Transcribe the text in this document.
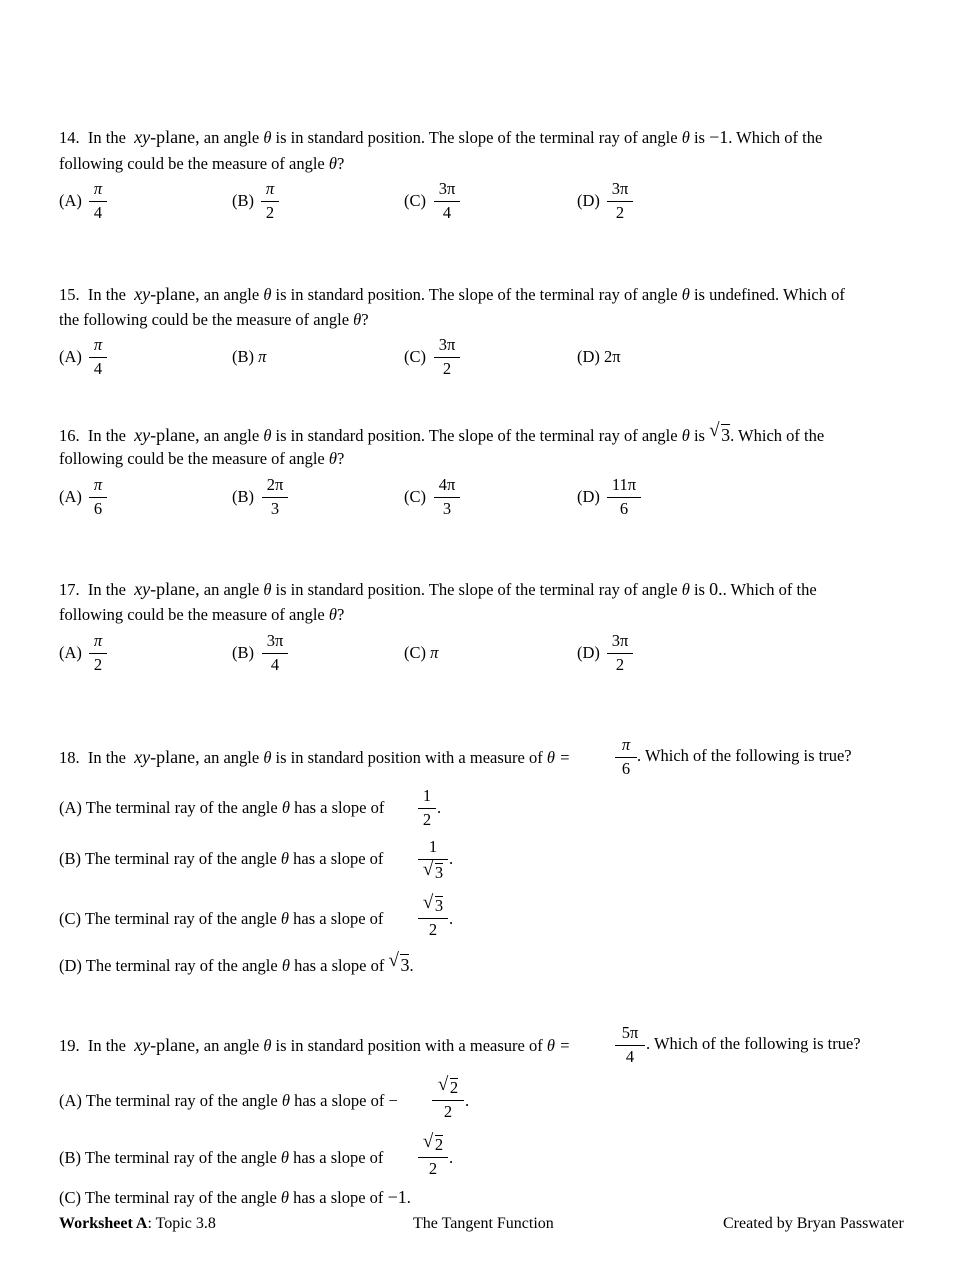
14. In the xy-plane, an angle θ is in standard position. The slope of the terminal ray of angle θ is −1. Which of the
following could be the measure of angle θ?
$(A) \frac{\pi}{4}$	$(B) \frac{\pi}{2}$	$(C) \frac{3\pi}{4}$	$(D) \frac{3\pi}{2}$
15. In the xy-plane, an angle θ is in standard position. The slope of the terminal ray of angle θ is undefined. Which of
the following could be the measure of angle θ?
$(A) \frac{\pi}{4}$	(B) π	$(C) \frac{3\pi}{2}$	(D) 2π
16. In the xy-plane, an angle θ is in standard position. The slope of the terminal ray of angle θ is √ 3. Which of the
following could be the measure of angle θ?
$(A) \frac{\pi}{6}$	$(B) \frac{2\pi}{3}$	$(C) \frac{4\pi}{3}$	$(D) \frac{11\pi}{6}$
17. In the xy-plane, an angle θ is in standard position. The slope of the terminal ray of angle θ is 0.. Which of the
following could be the measure of angle θ?
$(A) \frac{\pi}{2}$	$(B) \frac{3\pi}{4}$	(C) π	$(D) \frac{3\pi}{2}$
18. In the xy-plane, an angle θ is in standard position with a measure of θ =	$\frac{\pi}{6}$ . Which of the following is true?
(A) The terminal ray of the angle θ has a slope of $\frac{1}{2}$ .
(B) The terminal ray of the angle θ has a slope of 1
√ 3 .
(C) The terminal ray of the angle θ has a slope of √ $\frac{3}{2}$ .
(D) The terminal ray of the angle θ has a slope of √ 3.
19. In the xy-plane, an angle θ is in standard position with a measure of θ =	$\frac{5\pi}{4}$ . Which of the following is true?
(A) The terminal ray of the angle θ has a slope of − √ $\frac{2}{2}$ .
(B) The terminal ray of the angle θ has a slope of √ $\frac{2}{2}$ .
(C) The terminal ray of the angle θ has a slope of −1.
Worksheet A: Topic 3.8	The Tangent Function	Created by Bryan Passwater
